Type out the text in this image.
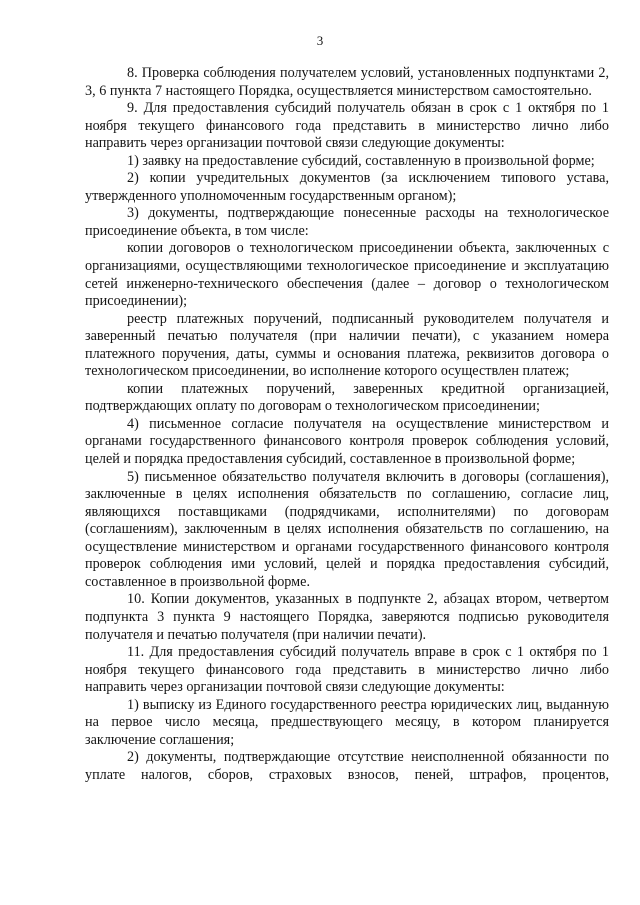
3

8. Проверка соблюдения получателем условий, установленных подпунктами 2, 3, 6 пункта 7 настоящего Порядка, осуществляется министерством самостоятельно.

9. Для предоставления субсидий получатель обязан в срок с 1 октября по 1 ноября текущего финансового года представить в министерство лично либо направить через организации почтовой связи следующие документы:

1) заявку на предоставление субсидий, составленную в произвольной форме;

2) копии учредительных документов (за исключением типового устава, утвержденного уполномоченным государственным органом);

3) документы, подтверждающие понесенные расходы на технологическое присоединение объекта, в том числе:

копии договоров о технологическом присоединении объекта, заключенных с организациями, осуществляющими технологическое присоединение и эксплуатацию сетей инженерно-технического обеспечения (далее – договор о технологическом присоединении);

реестр платежных поручений, подписанный руководителем получателя и заверенный печатью получателя (при наличии печати), с указанием номера платежного поручения, даты, суммы и основания платежа, реквизитов договора о технологическом присоединении, во исполнение которого осуществлен платеж;

копии платежных поручений, заверенных кредитной организацией, подтверждающих оплату по договорам о технологическом присоединении;

4) письменное согласие получателя на осуществление министерством и органами государственного финансового контроля проверок соблюдения условий, целей и порядка предоставления субсидий, составленное в произвольной форме;

5) письменное обязательство получателя включить в договоры (соглашения), заключенные в целях исполнения обязательств по соглашению, согласие лиц, являющихся поставщиками (подрядчиками, исполнителями) по договорам (соглашениям), заключенным в целях исполнения обязательств по соглашению, на осуществление министерством и органами государственного финансового контроля проверок соблюдения ими условий, целей и порядка предоставления субсидий, составленное в произвольной форме.

10. Копии документов, указанных в подпункте 2, абзацах втором, четвертом подпункта 3 пункта 9 настоящего Порядка, заверяются подписью руководителя получателя и печатью получателя (при наличии печати).

11. Для предоставления субсидий получатель вправе в срок с 1 октября по 1 ноября текущего финансового года представить в министерство лично либо направить через организации почтовой связи следующие документы:

1) выписку из Единого государственного реестра юридических лиц, выданную на первое число месяца, предшествующего месяцу, в котором планируется заключение соглашения;

2) документы, подтверждающие отсутствие неисполненной обязанности по уплате налогов, сборов, страховых взносов, пеней, штрафов, процентов,
